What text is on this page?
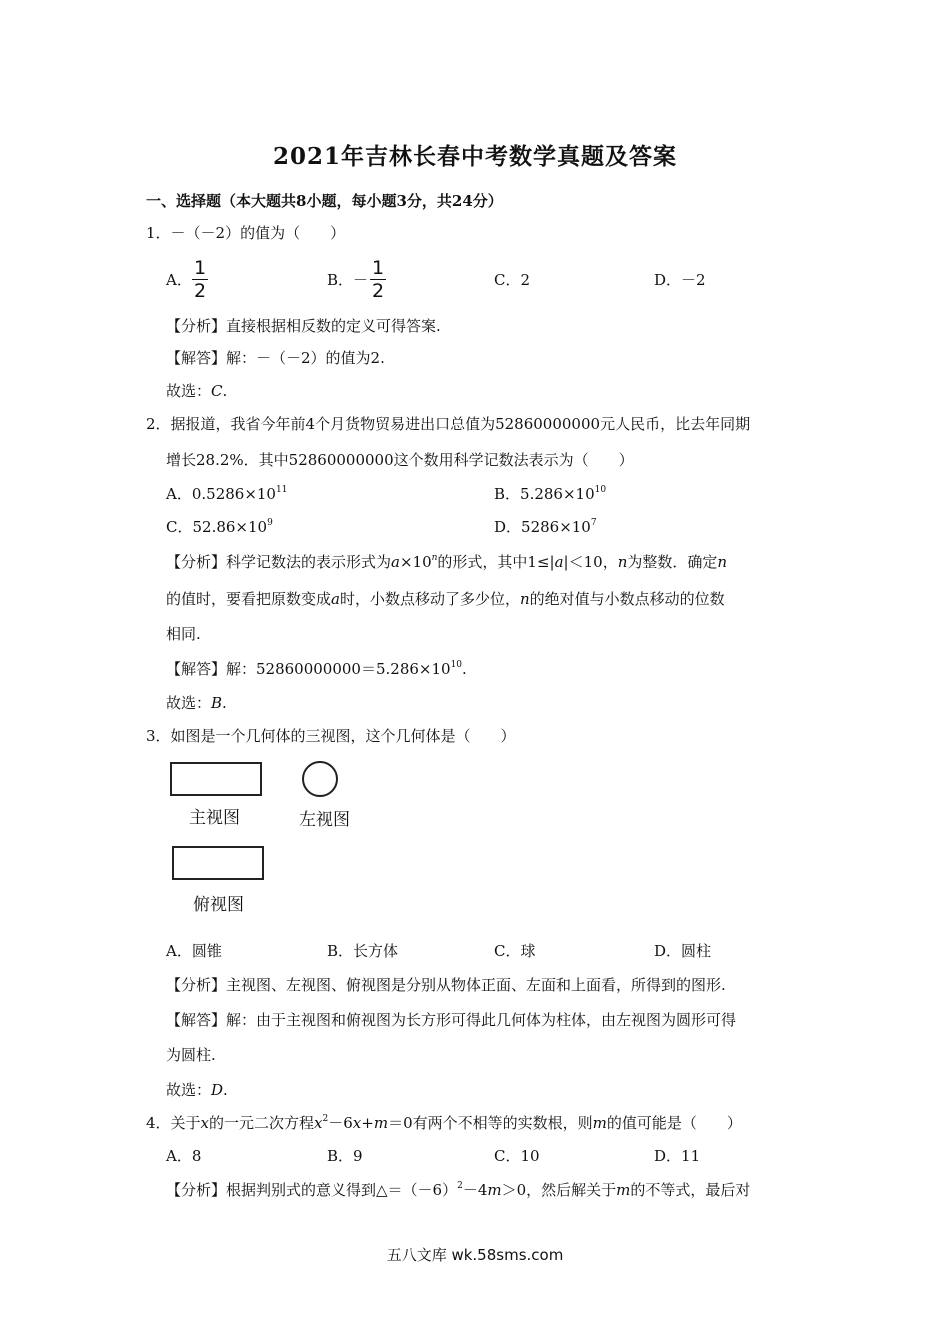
2021年吉林长春中考数学真题及答案
一、选择题（本大题共8小题，每小题3分，共24分）
1．－（－2）的值为（　　）
A． $\frac{1}{2}$	B．－ $\frac{1}{2}$	C．2	D．－2
【分析】直接根据相反数的定义可得答案.
【解答】解：－（－2）的值为2.
故选：C.
2．据报道，我省今年前4个月货物贸易进出口总值为52860000000元人民币，比去年同期
增长28.2%．其中52860000000这个数用科学记数法表示为（　　）
A．$0.5286\times 10^{11}$	B．$5.286\times 10^{10}$
C．$52.86\times 10^9$	D．$5286\times 10^7$
【分析】科学记数法的表示形式为$a\times 10^n$的形式，其中1≤|a|＜10，n为整数．确定n
的值时，要看把原数变成a时，小数点移动了多少位，n的绝对值与小数点移动的位数
相同.
【解答】解：$52860000000=5.286\times 10^{10}$.
故选：B.
3．如图是一个几何体的三视图，这个几何体是（　　）
主视图	左视图
俯视图
A．圆锥	B．长方体	C．球	D．圆柱
【分析】主视图、左视图、俯视图是分别从物体正面、左面和上面看，所得到的图形.
【解答】解：由于主视图和俯视图为长方形可得此几何体为柱体，由左视图为圆形可得
为圆柱.
故选：D.
4．关于x的一元二次方程$x^2-6x+m=0$有两个不相等的实数根，则m的值可能是（　　）
A．8	B．9	C．10	D．11
【分析】根据判别式的意义得到$\triangle=(-6)^2-4m>0$，然后解关于m的不等式，最后对
五八文库 wk.58sms.com
